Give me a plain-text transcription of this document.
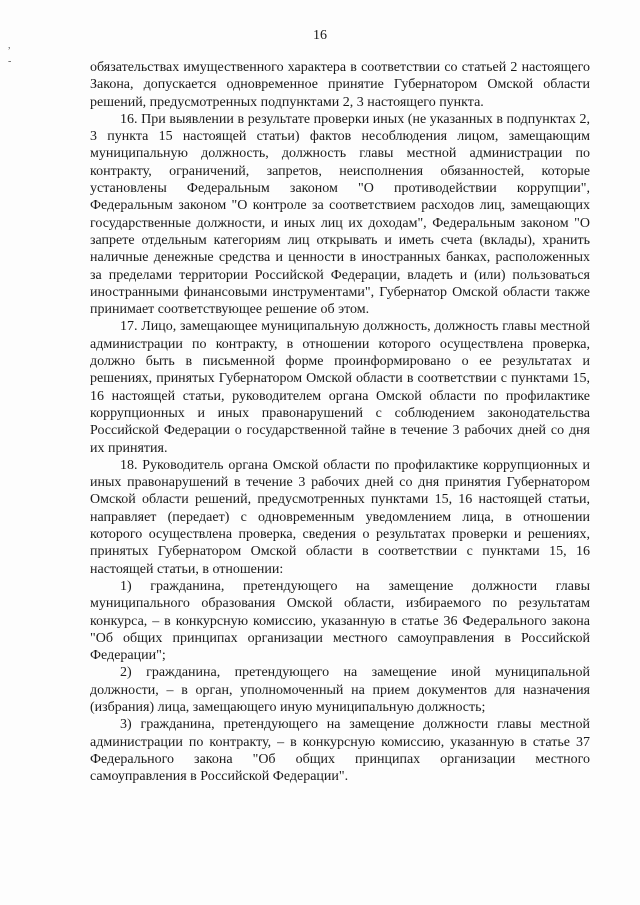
16
,
-	обязательствах имущественного характера в соответствии со статьей 2 настоящего Закона, допускается одновременное принятие Губернатором Омской области решений, предусмотренных подпунктами 2, 3 настоящего пункта.

16. При выявлении в результате проверки иных (не указанных в подпунктах 2, 3 пункта 15 настоящей статьи) фактов несоблюдения лицом, замещающим муниципальную должность, должность главы местной администрации по контракту, ограничений, запретов, неисполнения обязанностей, которые установлены Федеральным законом "О противодействии коррупции", Федеральным законом "О контроле за соответствием расходов лиц, замещающих государственные должности, и иных лиц их доходам", Федеральным законом "О запрете отдельным категориям лиц открывать и иметь счета (вклады), хранить наличные денежные средства и ценности в иностранных банках, расположенных за пределами территории Российской Федерации, владеть и (или) пользоваться иностранными финансовыми инструментами", Губернатор Омской области также принимает соответствующее решение об этом.

17. Лицо, замещающее муниципальную должность, должность главы местной администрации по контракту, в отношении которого осуществлена проверка, должно быть в письменной форме проинформировано о ее результатах и решениях, принятых Губернатором Омской области в соответствии с пунктами 15, 16 настоящей статьи, руководителем органа Омской области по профилактике коррупционных и иных правонарушений с соблюдением законодательства Российской Федерации о государственной тайне в течение 3 рабочих дней со дня их принятия.

18. Руководитель органа Омской области по профилактике коррупционных и иных правонарушений в течение 3 рабочих дней со дня принятия Губернатором Омской области решений, предусмотренных пунктами 15, 16 настоящей статьи, направляет (передает) с одновременным уведомлением лица, в отношении которого осуществлена проверка, сведения о результатах проверки и решениях, принятых Губернатором Омской области в соответствии с пунктами 15, 16 настоящей статьи, в отношении:

1) гражданина, претендующего на замещение должности главы муниципального образования Омской области, избираемого по результатам конкурса, – в конкурсную комиссию, указанную в статье 36 Федерального закона "Об общих принципах организации местного самоуправления в Российской Федерации";

2) гражданина, претендующего на замещение иной муниципальной должности, – в орган, уполномоченный на прием документов для назначения (избрания) лица, замещающего иную муниципальную должность;

3) гражданина, претендующего на замещение должности главы местной администрации по контракту, – в конкурсную комиссию, указанную в статье 37 Федерального закона "Об общих принципах организации местного самоуправления в Российской Федерации".
